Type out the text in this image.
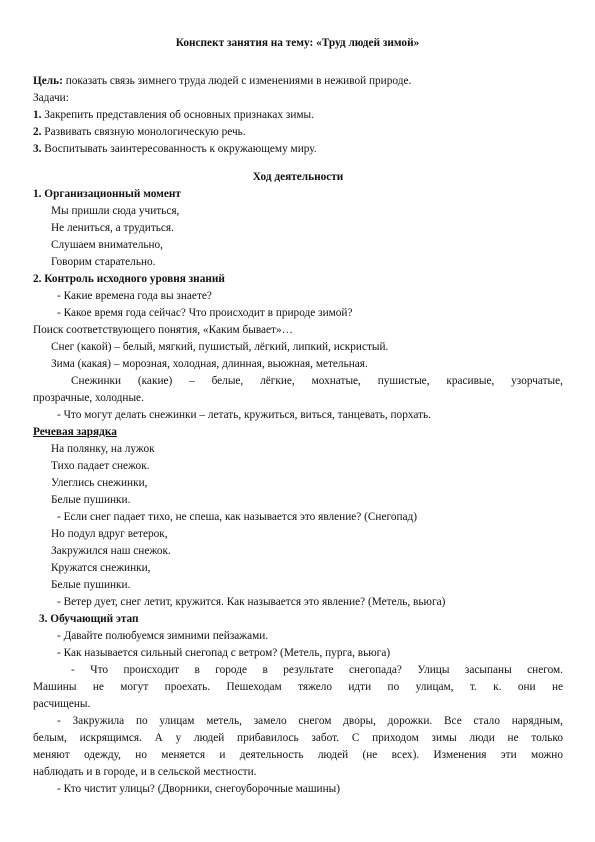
Конспект занятия на тему: «Труд людей зимой»
Цель: показать связь зимнего труда людей с изменениями в неживой природе.
Задачи:
1. Закрепить представления об основных признаках зимы.
2. Развивать связную монологическую речь.
3. Воспитывать заинтересованность к окружающему миру.
Ход деятельности
1. Организационный момент
Мы пришли сюда учиться,
Не лениться, а трудиться.
Слушаем внимательно,
Говорим старательно.
2. Контроль исходного уровня знаний
- Какие времена года вы знаете?
- Какое время года сейчас? Что происходит в природе зимой?
Поиск соответствующего понятия, «Каким бывает»…
Снег (какой) – белый, мягкий, пушистый, лёгкий, липкий, искристый.
Зима (какая) – морозная, холодная, длинная, вьюжная, метельная.
Снежинки (какие) – белые, лёгкие, мохнатые, пушистые, красивые, узорчатые,
прозрачные, холодные.
- Что могут делать снежинки – летать, кружиться, виться, танцевать, порхать.
Речевая зарядка
На полянку, на лужок
Тихо падает снежок.
Улеглись снежинки,
Белые пушинки.
- Если снег падает тихо, не спеша, как называется это явление? (Снегопад)
Но подул вдруг ветерок,
Закружился наш снежок.
Кружатся снежинки,
Белые пушинки.
- Ветер дует, снег летит, кружится. Как называется это явление? (Метель, вьюга)
3. Обучающий этап
- Давайте полюбуемся зимними пейзажами.
- Как называется сильный снегопад с ветром? (Метель, пурга, вьюга)
- Что происходит в городе в результате снегопада? Улицы засыпаны снегом.
Машины не могут проехать. Пешеходам тяжело идти по улицам, т. к. они не
расчищены.
- Закружила по улицам метель, замело снегом дворы, дорожки. Все стало нарядным,
белым, искрящимся. А у людей прибавилось забот. С приходом зимы люди не только
меняют одежду, но меняется и деятельность людей (не всех). Изменения эти можно
наблюдать и в городе, и в сельской местности.
- Кто чистит улицы? (Дворники, снегоуборочные машины)
